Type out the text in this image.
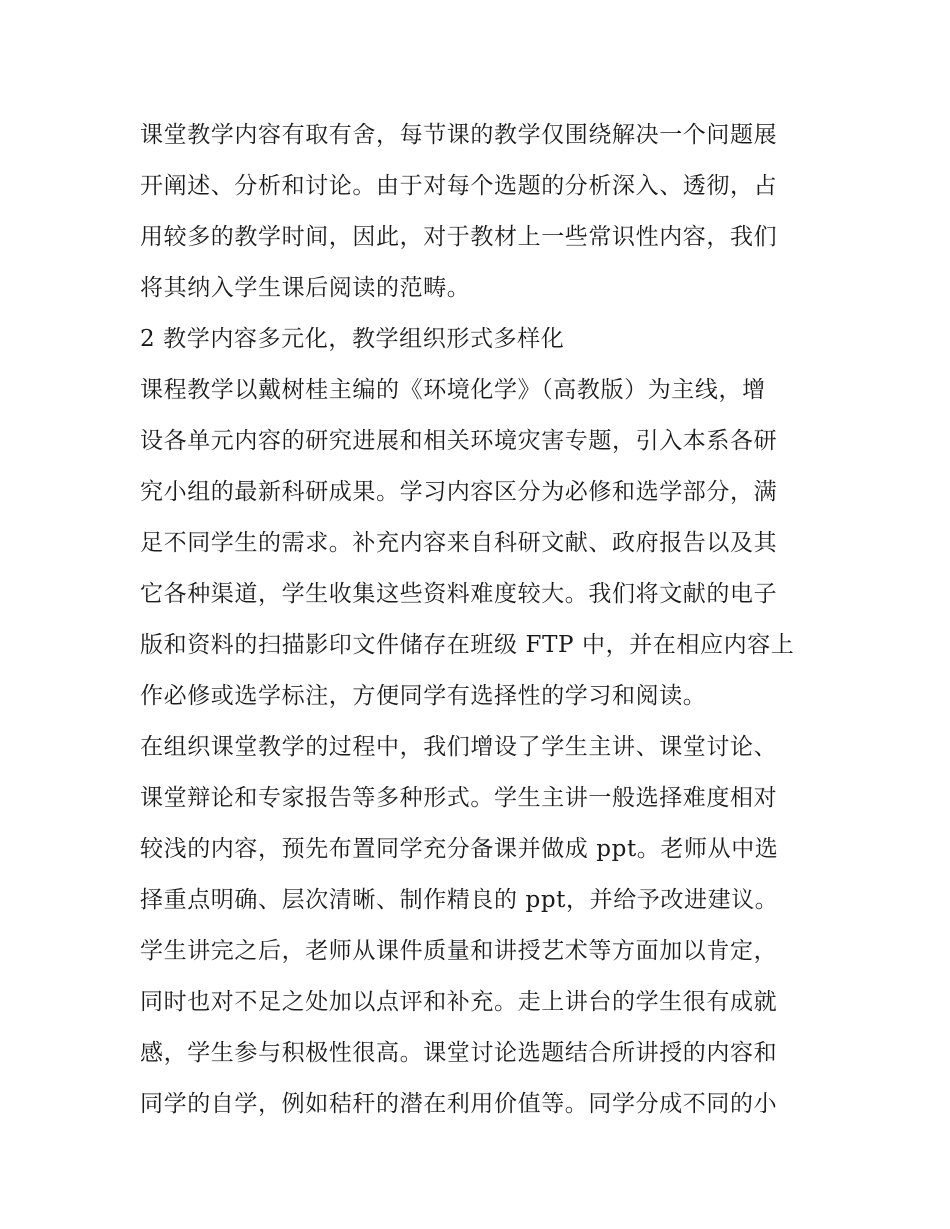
课堂教学内容有取有舍，每节课的教学仅围绕解决一个问题展
开阐述、分析和讨论。由于对每个选题的分析深入、透彻，占
用较多的教学时间，因此，对于教材上一些常识性内容，我们
将其纳入学生课后阅读的范畴。
2 教学内容多元化，教学组织形式多样化
课程教学以戴树桂主编的《环境化学》（高教版）为主线，增
设各单元内容的研究进展和相关环境灾害专题，引入本系各研
究小组的最新科研成果。学习内容区分为必修和选学部分，满
足不同学生的需求。补充内容来自科研文献、政府报告以及其
它各种渠道，学生收集这些资料难度较大。我们将文献的电子
版和资料的扫描影印文件储存在班级 FTP 中，并在相应内容上
作必修或选学标注，方便同学有选择性的学习和阅读。
在组织课堂教学的过程中，我们增设了学生主讲、课堂讨论、
课堂辩论和专家报告等多种形式。学生主讲一般选择难度相对
较浅的内容，预先布置同学充分备课并做成 ppt。老师从中选
择重点明确、层次清晰、制作精良的 ppt，并给予改进建议。
学生讲完之后，老师从课件质量和讲授艺术等方面加以肯定，
同时也对不足之处加以点评和补充。走上讲台的学生很有成就
感，学生参与积极性很高。课堂讨论选题结合所讲授的内容和
同学的自学，例如秸秆的潜在利用价值等。同学分成不同的小
